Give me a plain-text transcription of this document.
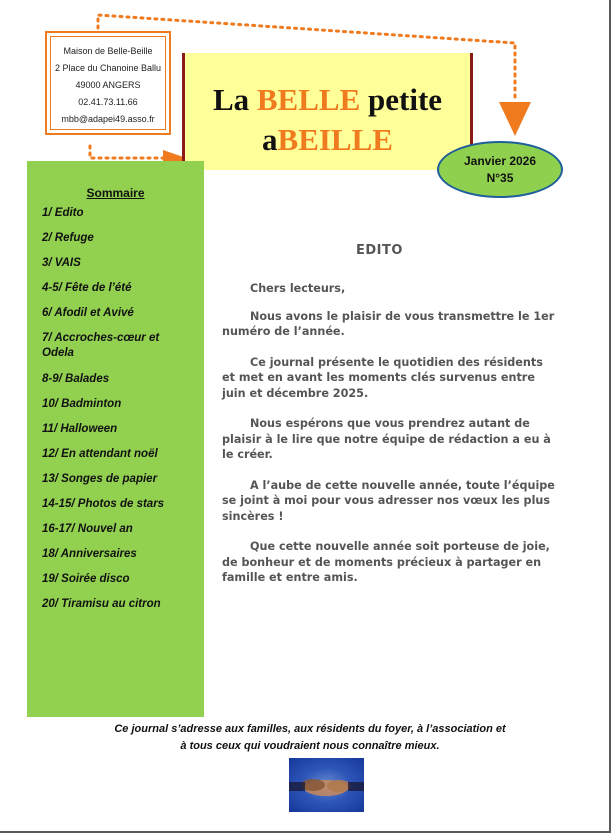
Maison de Belle-Beille
2 Place du Chanoine Ballu
49000 ANGERS
02.41.73.11.66
mbb@adapei49.asso.fr
La BELLE petite
aBEILLE
Janvier 2026
N°35
Sommaire
1/ Edito
2/ Refuge
3/ VAIS
4-5/ Fête de l’été
6/ Afodil et Avivé
7/ Accroches-cœur et Odela
8-9/ Balades
10/ Badminton
11/ Halloween
12/ En attendant noël
13/ Songes de papier
14-15/ Photos de stars
16-17/ Nouvel an
18/ Anniversaires
19/ Soirée disco
20/ Tiramisu au citron
EDITO

Chers lecteurs,

Nous avons le plaisir de vous transmettre le 1er numéro de l’année.

Ce journal présente le quotidien des résidents et met en avant les moments clés survenus entre juin et décembre 2025.

Nous espérons que vous prendrez autant de plaisir à le lire que notre équipe de rédaction a eu à le créer.

A l’aube de cette nouvelle année, toute l’équipe se joint à moi pour vous adresser nos vœux les plus sincères !

Que cette nouvelle année soit porteuse de joie, de bonheur et de moments précieux à partager en famille et entre amis.

Ce journal s’adresse aux familles, aux résidents du foyer, à l’association et
à tous ceux qui voudraient nous connaître mieux.
